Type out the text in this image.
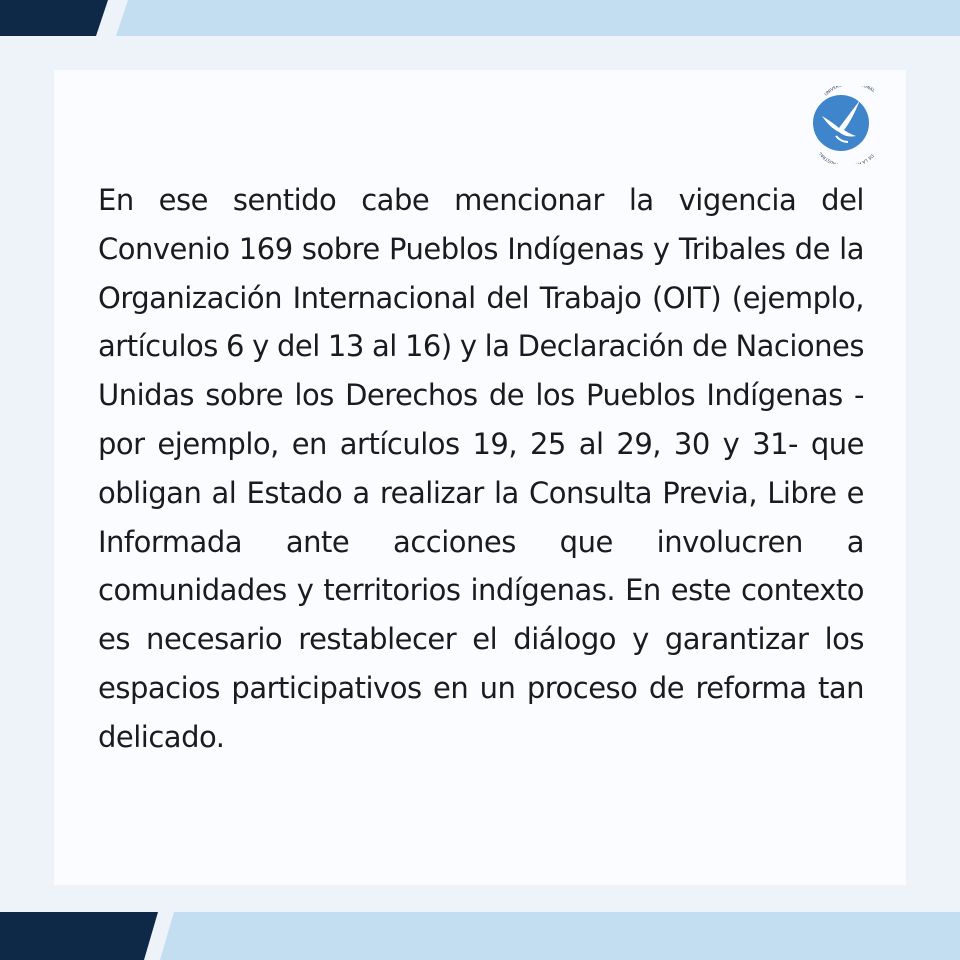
UNIVER NAL
DE LA P AUSTRAL

En ese sentido cabe mencionar la vigencia del Convenio 169 sobre Pueblos Indígenas y Tribales de la Organización Internacional del Trabajo (OIT) (ejemplo, artículos 6 y del 13 al 16) y la Declaración de Naciones Unidas sobre los Derechos de los Pueblos Indígenas - por ejemplo, en artículos 19, 25 al 29, 30 y 31- que obligan al Estado a realizar la Consulta Previa, Libre e Informada ante acciones que involucren a comunidades y territorios indígenas. En este contexto es necesario restablecer el diálogo y garantizar los espacios participativos en un proceso de reforma tan delicado.
